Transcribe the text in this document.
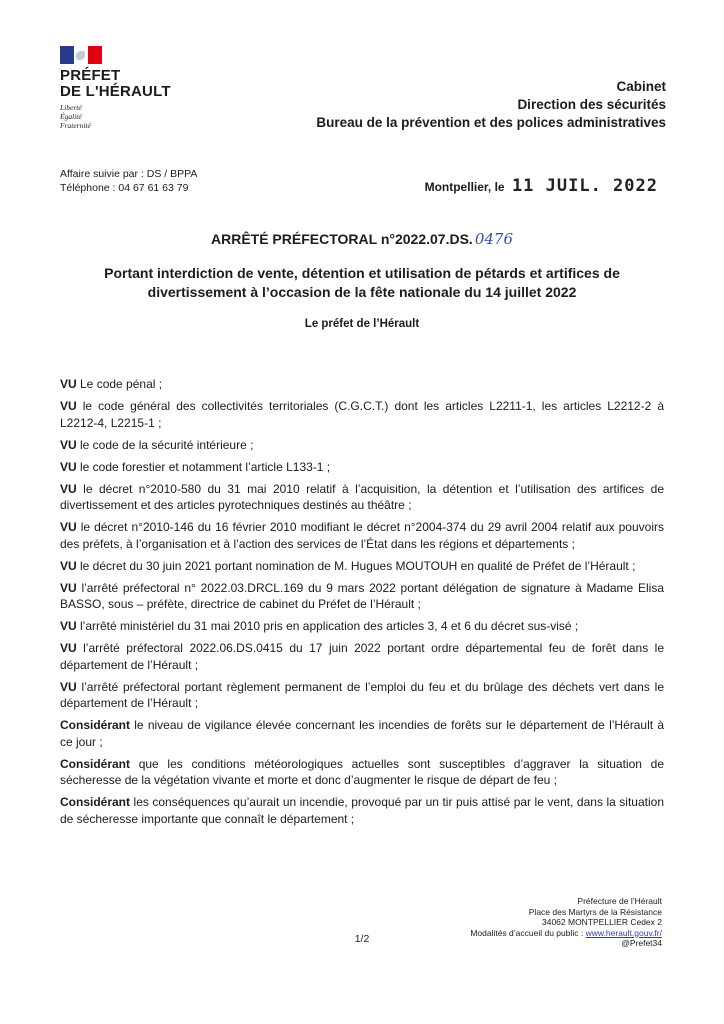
PRÉFET
DE L'HÉRAULT
Liberté
Égalité
Fraternité
Cabinet
Direction des sécurités
Bureau de la prévention et des polices administratives
Affaire suivie par : DS / BPPA
Téléphone : 04 67 61 63 79	Montpellier, le 11 JUIL. 2022
ARRÊTÉ PRÉFECTORAL n°2022.07.DS. 0476
Portant interdiction de vente, détention et utilisation de pétards et artifices de divertissement à l’occasion de la fête nationale du 14 juillet 2022
Le préfet de l’Hérault

VU Le code pénal ;

VU le code général des collectivités territoriales (C.G.C.T.) dont les articles L2211-1, les articles L2212-2 à L2212-4, L2215-1 ;

VU le code de la sécurité intérieure ;

VU le code forestier et notamment l’article L133-1 ;

VU le décret n°2010-580 du 31 mai 2010 relatif à l’acquisition, la détention et l’utilisation des artifices de divertissement et des articles pyrotechniques destinés au théâtre ;

VU le décret n°2010-146 du 16 février 2010 modifiant le décret n°2004-374 du 29 avril 2004 relatif aux pouvoirs des préfets, à l’organisation et à l’action des services de l’État dans les régions et départements ;

VU le décret du 30 juin 2021 portant nomination de M. Hugues MOUTOUH en qualité de Préfet de l’Hérault ;

VU l’arrêté préfectoral n° 2022.03.DRCL.169 du 9 mars 2022 portant délégation de signature à Madame Elisa BASSO, sous – préfète, directrice de cabinet du Préfet de l’Hérault ;

VU l’arrêté ministériel du 31 mai 2010 pris en application des articles 3, 4 et 6 du décret sus-visé ;

VU l’arrêté préfectoral 2022.06.DS.0415 du 17 juin 2022 portant ordre départemental feu de forêt dans le département de l’Hérault ;

VU l’arrêté préfectoral portant règlement permanent de l’emploi du feu et du brûlage des déchets vert dans le département de l’Hérault ;

Considérant le niveau de vigilance élevée concernant les incendies de forêts sur le département de l’Hérault à ce jour ;

Considérant que les conditions météorologiques actuelles sont susceptibles d’aggraver la situation de sécheresse de la végétation vivante et morte et donc d’augmenter le risque de départ de feu ;

Considérant les conséquences qu’aurait un incendie, provoqué par un tir puis attisé par le vent, dans la situation de sécheresse importante que connaît le département ;

Préfecture de l’Hérault
Place des Martyrs de la Résistance
34062 MONTPELLIER Cedex 2
Modalités d’accueil du public : www.herault.gouv.fr/
@Prefet34
1/2
